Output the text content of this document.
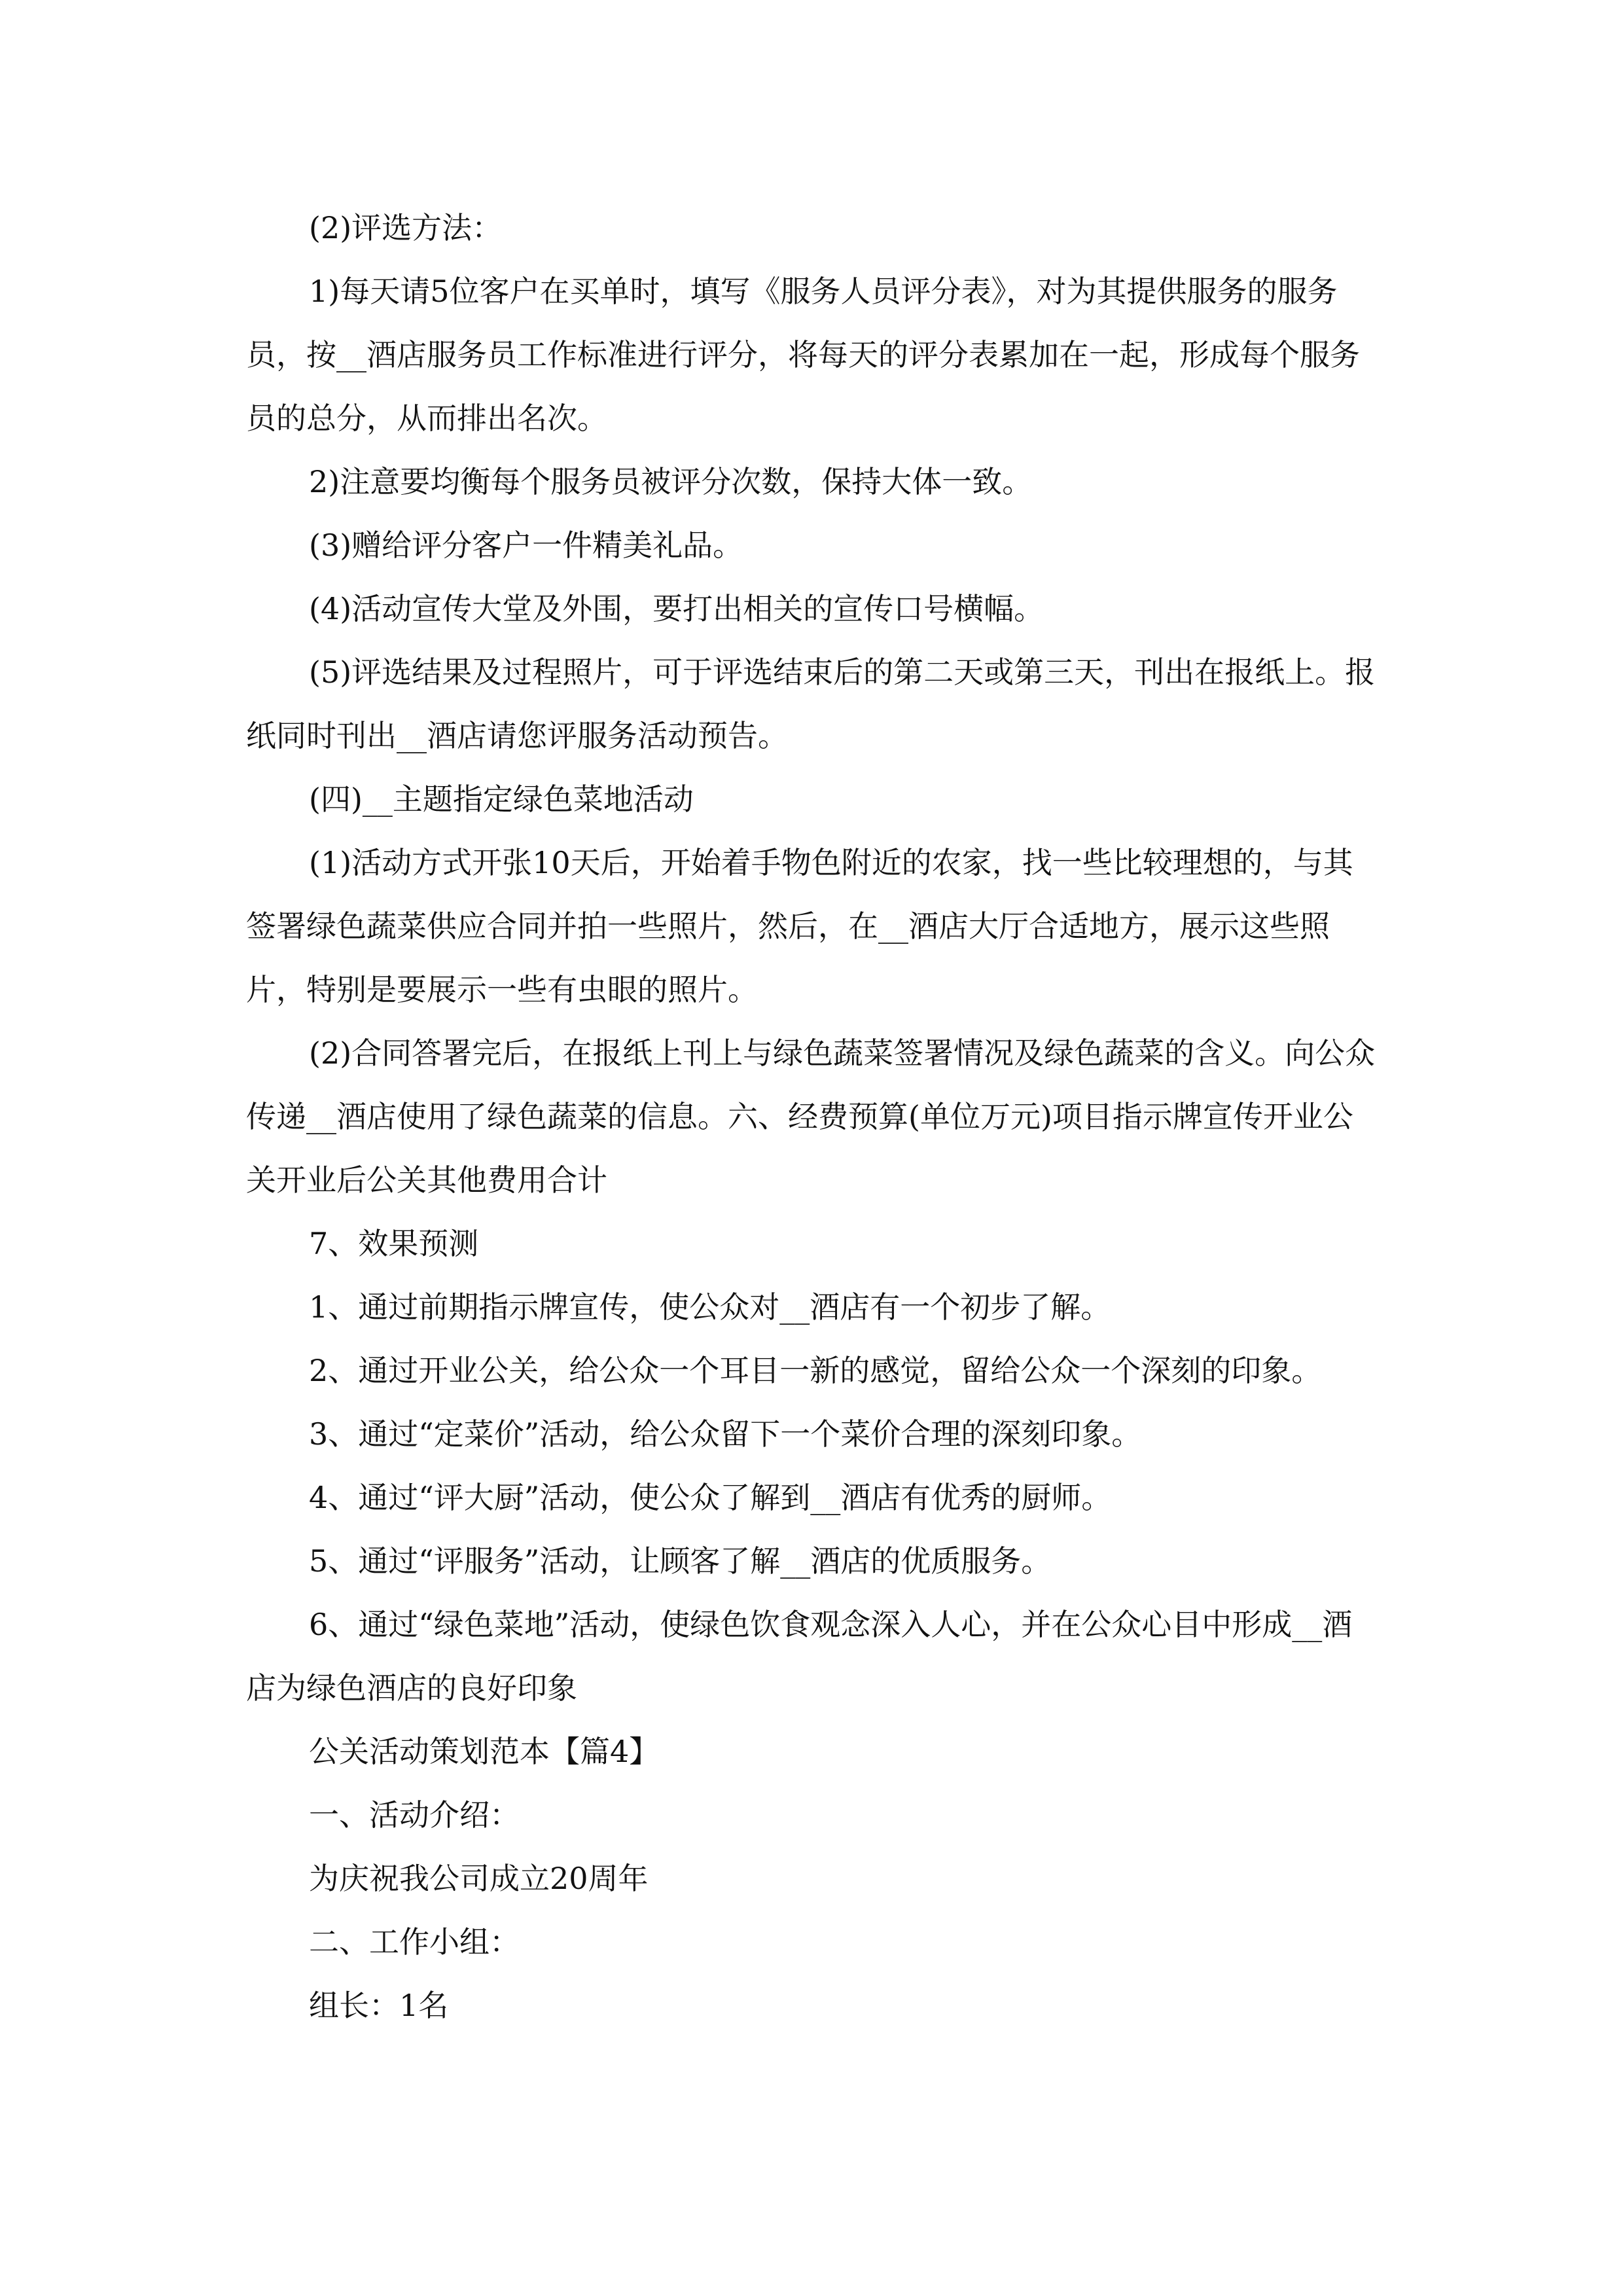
(2)评选方法：

1)每天请5位客户在买单时，填写《服务人员评分表》，对为其提供服务的服务员，按__酒店服务员工作标准进行评分，将每天的评分表累加在一起，形成每个服务员的总分，从而排出名次。

2)注意要均衡每个服务员被评分次数，保持大体一致。

(3)赠给评分客户一件精美礼品。

(4)活动宣传大堂及外围，要打出相关的宣传口号横幅。

(5)评选结果及过程照片，可于评选结束后的第二天或第三天，刊出在报纸上。报纸同时刊出__酒店请您评服务活动预告。

(四)__主题指定绿色菜地活动

(1)活动方式开张10天后，开始着手物色附近的农家，找一些比较理想的，与其签署绿色蔬菜供应合同并拍一些照片，然后，在__酒店大厅合适地方，展示这些照片，特别是要展示一些有虫眼的照片。

(2)合同答署完后，在报纸上刊上与绿色蔬菜签署情况及绿色蔬菜的含义。向公众传递__酒店使用了绿色蔬菜的信息。六、经费预算(单位万元)项目指示牌宣传开业公关开业后公关其他费用合计

7、效果预测

1、通过前期指示牌宣传，使公众对__酒店有一个初步了解。

2、通过开业公关，给公众一个耳目一新的感觉，留给公众一个深刻的印象。

3、通过“定菜价”活动，给公众留下一个菜价合理的深刻印象。

4、通过“评大厨”活动，使公众了解到__酒店有优秀的厨师。

5、通过“评服务”活动，让顾客了解__酒店的优质服务。

6、通过“绿色菜地”活动，使绿色饮食观念深入人心，并在公众心目中形成__酒店为绿色酒店的良好印象

公关活动策划范本【篇4】

一、活动介绍：

为庆祝我公司成立20周年

二、工作小组：

组长：1名
